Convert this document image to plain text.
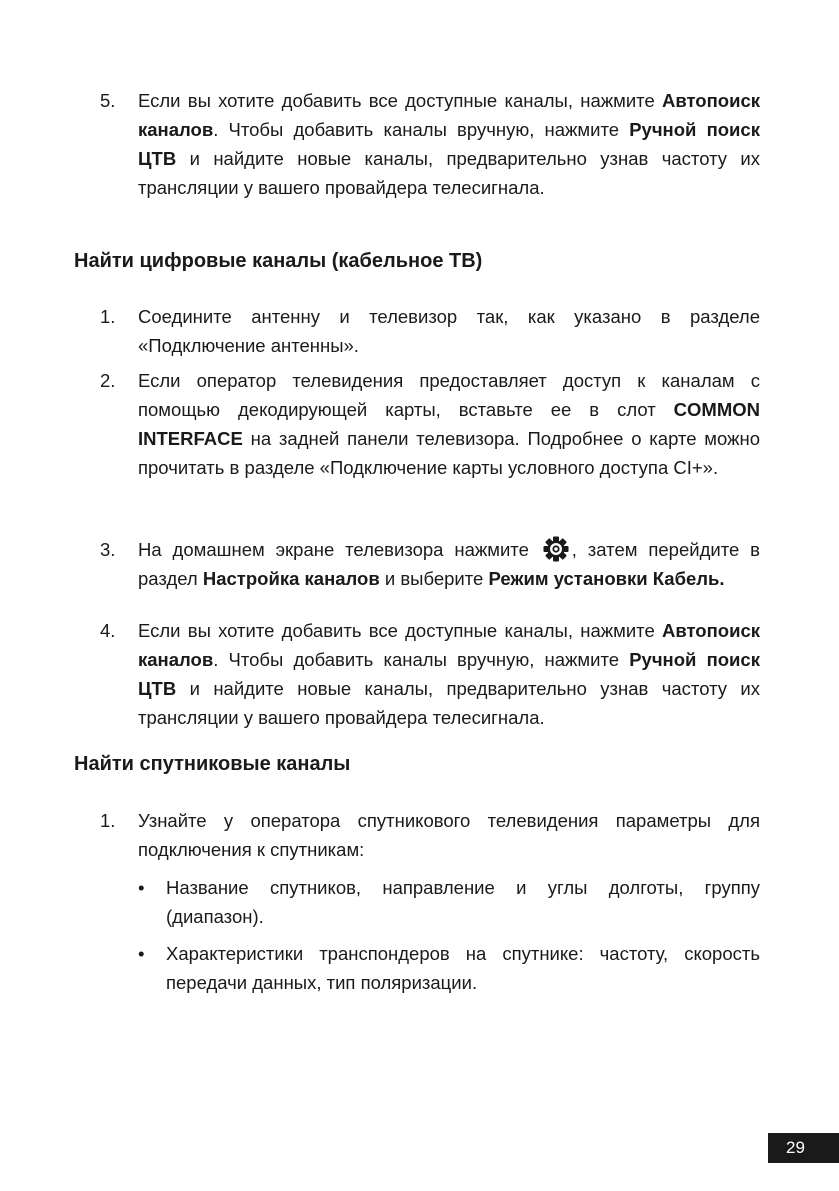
5.	Если вы хотите добавить все доступные каналы, нажмите Автопоиск каналов. Чтобы добавить каналы вручную, нажмите Ручной поиск ЦТВ и найдите новые каналы, предварительно узнав частоту их трансляции у вашего провайдера телесигнала.
Найти цифровые каналы (кабельное ТВ)
1.	Соедините антенну и телевизор так, как указано в разделе «Подключение антенны».
2.	Если оператор телевидения предоставляет доступ к каналам с помощью декодирующей карты, вставьте ее в слот COMMON INTERFACE на задней панели телевизора. Подробнее о карте можно прочитать в разделе «Подключение карты условного доступа CI+».
3.	На домашнем экране телевизора нажмите , затем перейдите в раздел Настройка каналов и выберите Режим установки Кабель.
4.	Если вы хотите добавить все доступные каналы, нажмите Автопоиск каналов. Чтобы добавить каналы вручную, нажмите Ручной поиск ЦТВ и найдите новые каналы, предварительно узнав частоту их трансляции у вашего провайдера телесигнала.
Найти спутниковые каналы
1.	Узнайте у оператора спутникового телевидения параметры для подключения к спутникам:
•	Название спутников, направление и углы долготы, группу (диапазон).
•	Характеристики транспондеров на спутнике: частоту, скорость передачи данных, тип поляризации.
29
